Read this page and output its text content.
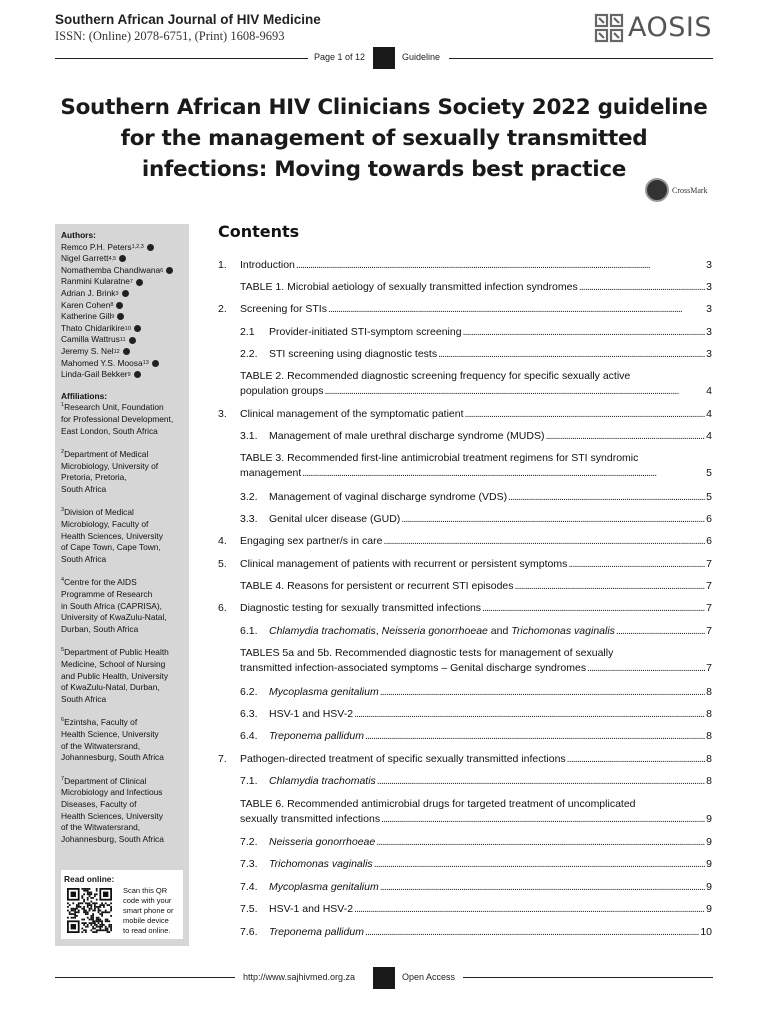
Southern African Journal of HIV Medicine
ISSN: (Online) 2078-6751, (Print) 1608-9693	AOSIS
Page 1 of 12	Guideline
Southern African HIV Clinicians Society 2022 guideline
for the management of sexually transmitted
infections: Moving towards best practice
CrossMark
Authors:
Remco P.H. Peters 1,2,3
Nigel Garrett 4,5
Nomathemba Chandiwana 6
Ranmini Kularatne 7
Adrian J. Brink 3
Karen Cohen 8
Katherine Gill 9
Thato Chidarikire 10
Camilla Wattrus 11
Jeremy S. Nel 12
Mahomed Y.S. Moosa 13
Linda-Gail Bekker 9
Affiliations:
$^1$Research Unit, Foundation
for Professional Development,
East London, South Africa
$^2$Department of Medical
Microbiology, University of
Pretoria, Pretoria,
South Africa
$^3$Division of Medical
Microbiology, Faculty of
Health Sciences, University
of Cape Town, Cape Town,
South Africa
$^4$Centre for the AIDS
Programme of Research
in South Africa (CAPRISA),
University of KwaZulu-Natal,
Durban, South Africa
$^5$Department of Public Health
Medicine, School of Nursing
and Public Health, University
of KwaZulu-Natal, Durban,
South Africa
$^6$Ezintsha, Faculty of
Health Science, University
of the Witwatersrand,
Johannesburg, South Africa
$^7$Department of Clinical
Microbiology and Infectious
Diseases, Faculty of
Health Sciences, University
of the Witwatersrand,
Johannesburg, South Africa
Read online:
Scan this QR
code with your
smart phone or
mobile device
to read online.
Contents
1. Introduction . . .	3
TABLE 1. Microbial aetiology of sexually transmitted infection syndromes . . .	3
2. Screening for STIs . . .	3
2.1 Provider-initiated STI-symptom screening . . .	3
2.2. STI screening using diagnostic tests . . .	3
TABLE 2. Recommended diagnostic screening frequency for specific sexually active
population groups . . .	4
3. Clinical management of the symptomatic patient . . .	4
3.1. Management of male urethral discharge syndrome (MUDS) . . .	4
TABLE 3. Recommended first-line antimicrobial treatment regimens for STI syndromic
management . . .	5
3.2. Management of vaginal discharge syndrome (VDS) . . .	5
3.3. Genital ulcer disease (GUD) . . .	6
4. Engaging sex partner/s in care . . .	6
5. Clinical management of patients with recurrent or persistent symptoms . . .	7
TABLE 4. Reasons for persistent or recurrent STI episodes . . .	7
6. Diagnostic testing for sexually transmitted infections . . .	7
6.1. Chlamydia trachomatis, Neisseria gonorrhoeae and Trichomonas vaginalis . . .	7
TABLES 5a and 5b. Recommended diagnostic tests for management of sexually
transmitted infection-associated symptoms – Genital discharge syndromes . . .	7
6.2. Mycoplasma genitalium . . .	8
6.3. HSV-1 and HSV-2 . . .	8
6.4. Treponema pallidum . . .	8
7. Pathogen-directed treatment of specific sexually transmitted infections . . .	8
7.1. Chlamydia trachomatis . . .	8
TABLE 6. Recommended antimicrobial drugs for targeted treatment of uncomplicated
sexually transmitted infections . . .	9
7.2. Neisseria gonorrhoeae . . .	9
7.3. Trichomonas vaginalis . . .	9
7.4. Mycoplasma genitalium . . .	9
7.5. HSV-1 and HSV-2 . . .	9
7.6. Treponema pallidum . . .	10
http://www.sajhivmed.org.za	Open Access
